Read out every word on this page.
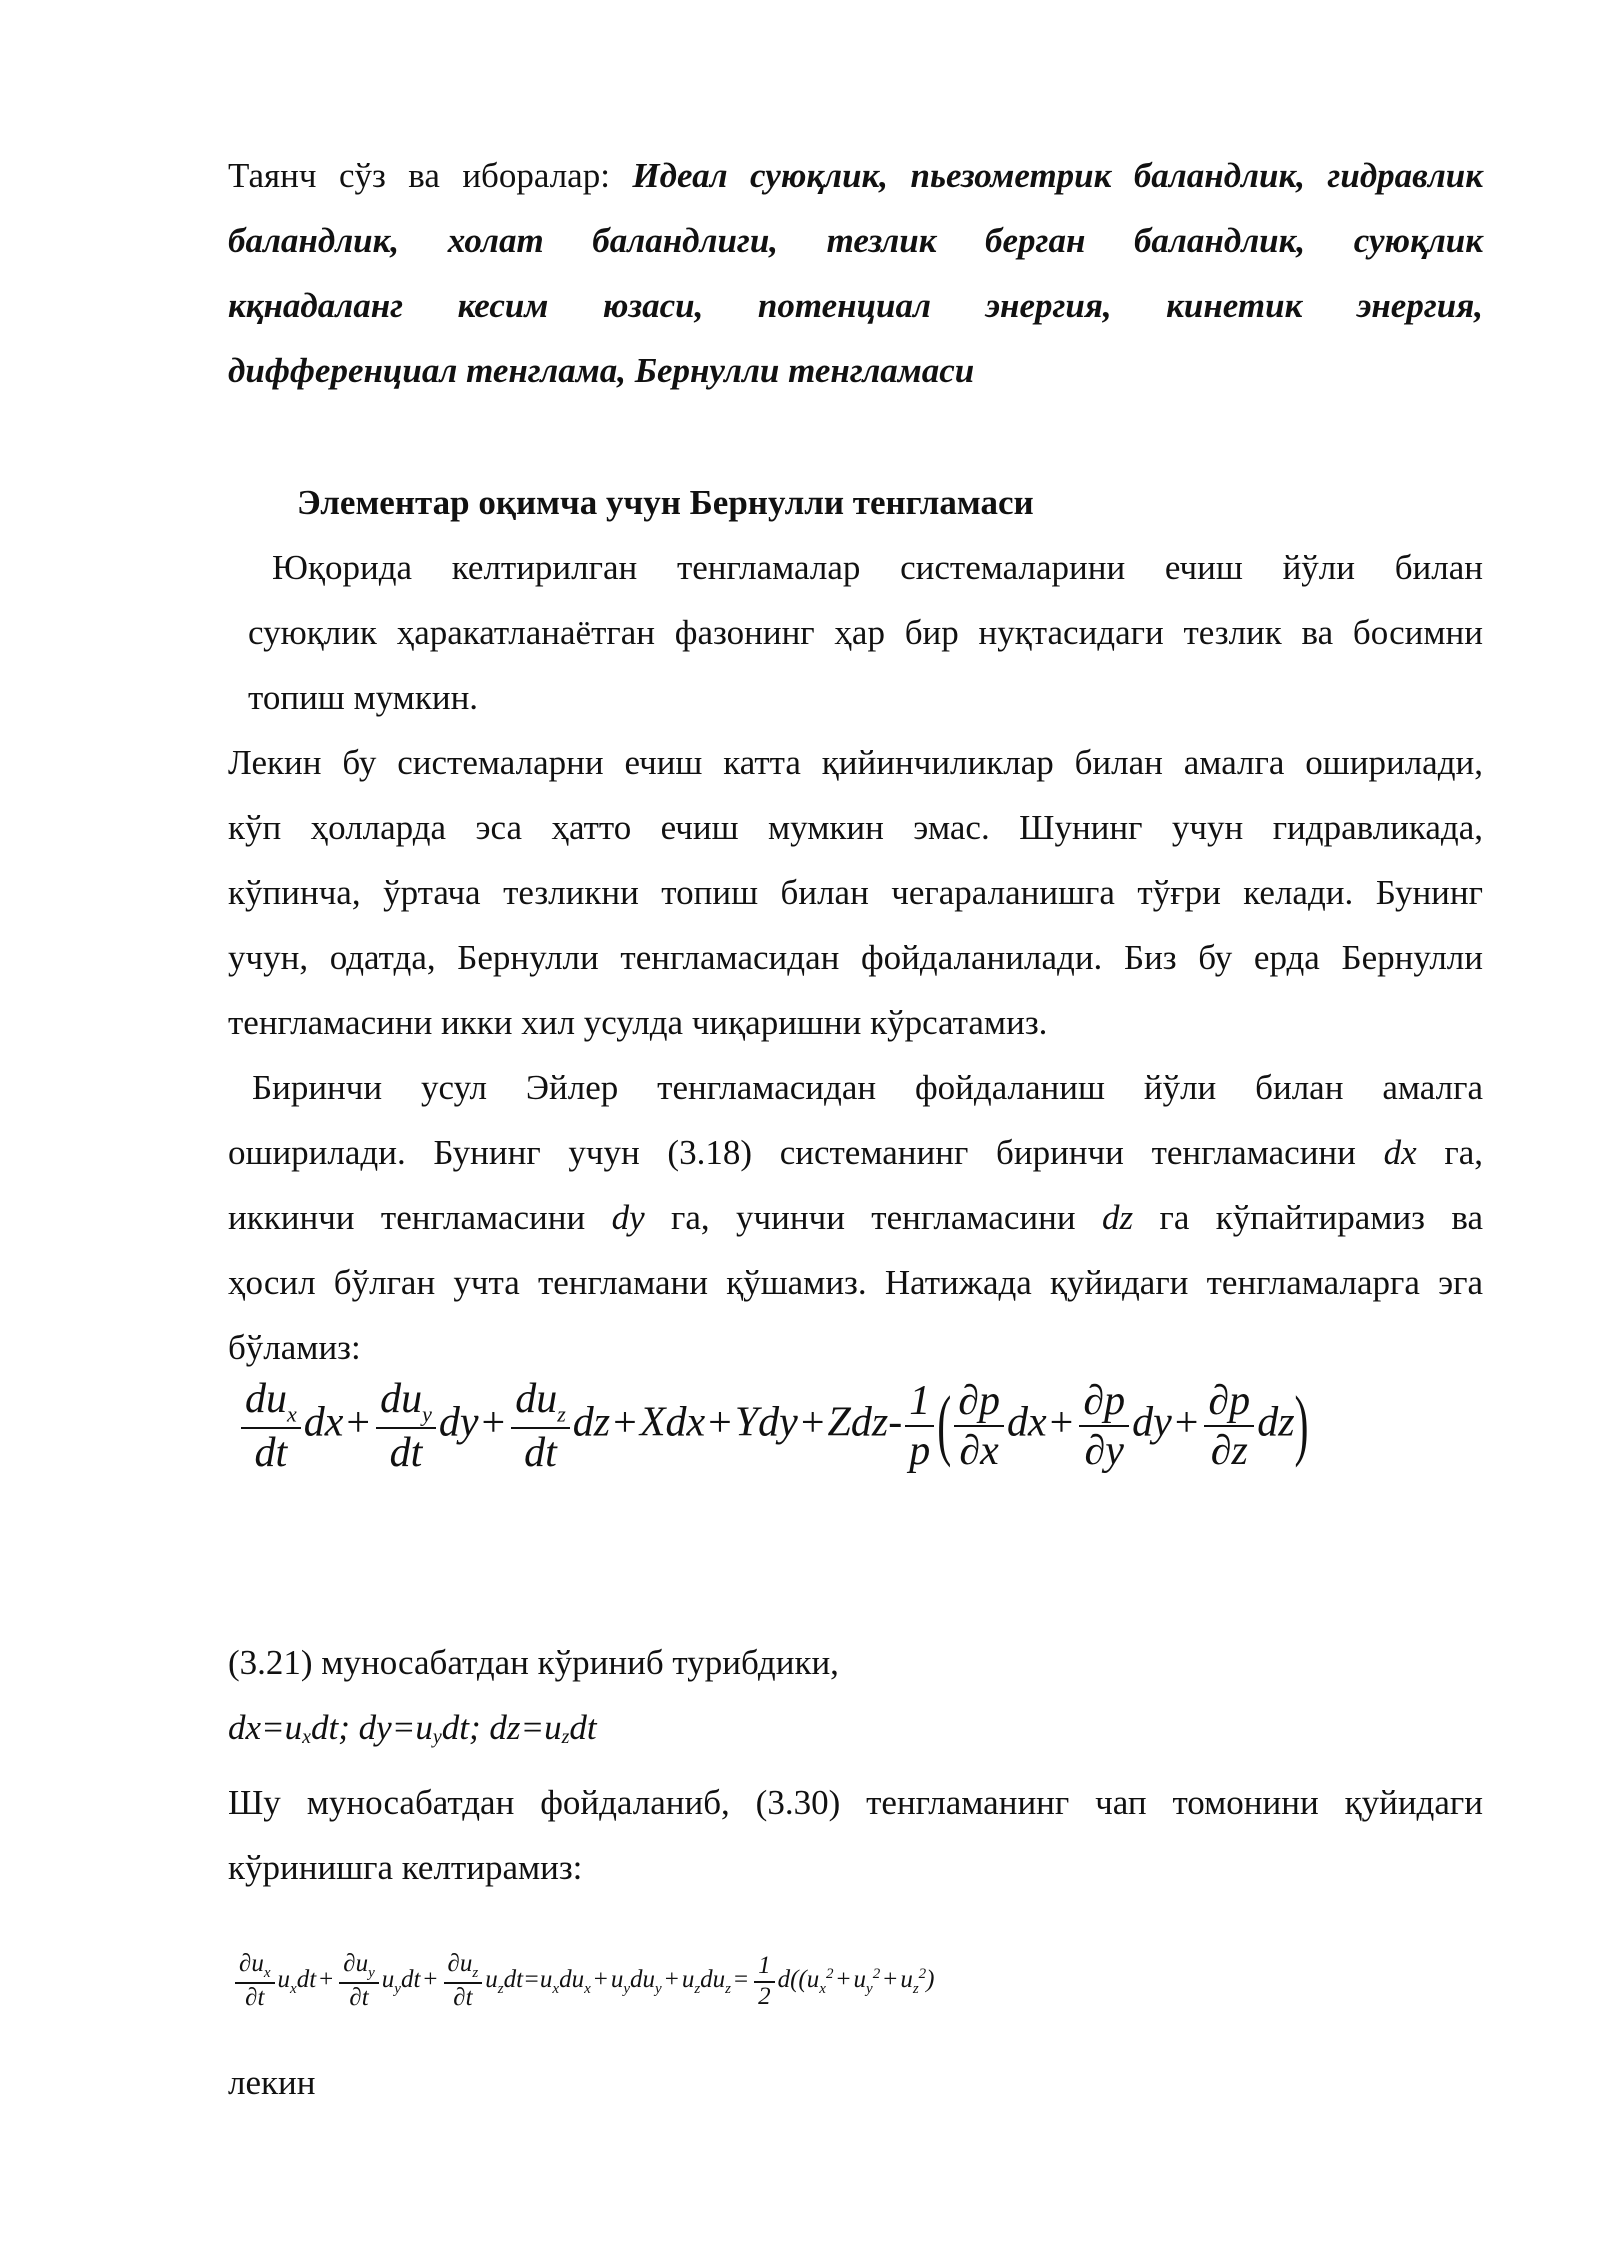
Таянч сўз ва иборалар: Идеал суюқлик, пьезометрик баландлик, гидравлик
баландлик, холат баландлиги, тезлик берган баландлик, суюқлик
кқнадаланг кесим юзаси, потенциал энергия, кинетик энергия,
дифференциал тенглама, Бернулли тенгламаси
Элементар оқимча учун Бернулли тенгламаси
Юқорида келтирилган тенгламалар системаларини ечиш йўли билан
суюқлик ҳаракатланаётган фазонинг ҳар бир нуқтасидаги тезлик ва босимни
топиш мумкин.
Лекин бу системаларни ечиш катта қийинчиликлар билан амалга оширилади,
кўп ҳолларда эса ҳатто ечиш мумкин эмас. Шунинг учун гидравликада,
кўпинча, ўртача тезликни топиш билан чегараланишга тўғри келади. Бунинг
учун, одатда, Бернулли тенгламасидан фойдаланилади. Биз бу ерда Бернулли
тенгламасини икки хил усулда чиқаришни кўрсатамиз.
Биринчи усул Эйлер тенгламасидан фойдаланиш йўли билан амалга
оширилади. Бунинг учун (3.18) системанинг биринчи тенгламасини dx га,
иккинчи тенгламасини dy га, учинчи тенгламасини dz га кўпайтирамиз ва
ҳосил бўлган учта тенгламани қўшамиз. Натижада қуйидаги тенгламаларга эга
бўламиз:
$\frac{du_x}{dt} dx+ \frac{du_y}{dt} dy+ \frac{du_z}{dt} dz+Xdx+Ydy+Zdz- \frac{1}{p}$ ( $\frac{\partial p}{\partial x} dx+ \frac{\partial p}{\partial y} dy+ \frac{\partial p}{\partial z} dz$)
(3.21) муносабатдан кўриниб турибдики,
$dx=u_xdt$; $dy=u_ydt$; $dz=u_zdt$
Шу муносабатдан фойдаланиб, (3.30) тенгламанинг чап томонини қуйидаги
кўринишга келтирамиз:
$\frac{\partial u_x}{\partial t} u_xdt + \frac{\partial u_y}{\partial t} u_ydt + \frac{\partial u_z}{\partial t} u_zdt=u_xdu_x + u_ydu_y + u_zdu_z = \frac{1}{2} d((u_x^2 + u_y^2 + u_z^2)$
лекин
